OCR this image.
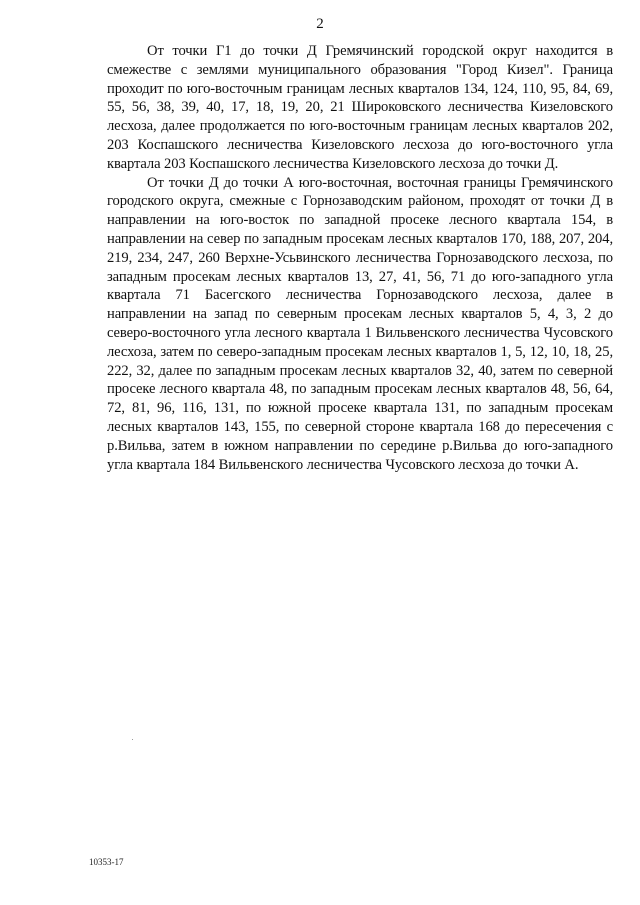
2

От точки Г1 до точки Д Гремячинский городской округ находится в смежестве с землями муниципального образования "Город Кизел". Граница проходит по юго-восточным границам лесных кварталов 134, 124, 110, 95, 84, 69, 55, 56, 38, 39, 40, 17, 18, 19, 20, 21 Широковского лесничества Кизеловского лесхоза, далее продолжается по юго-восточным границам лесных кварталов 202, 203 Коспашского лесничества Кизеловского лесхоза до юго-восточного угла квартала 203 Коспашского лесничества Кизеловского лесхоза до точки Д.

От точки Д до точки А юго-восточная, восточная границы Гремячинского городского округа, смежные с Горнозаводским районом, проходят от точки Д в направлении на юго-восток по западной просеке лесного квартала 154, в направлении на север по западным просекам лесных кварталов 170, 188, 207, 204, 219, 234, 247, 260 Верхне-Усьвинского лесничества Горнозаводского лесхоза, по западным просекам лесных кварталов 13, 27, 41, 56, 71 до юго-западного угла квартала 71 Басегского лесничества Горнозаводского лесхоза, далее в направлении на запад по северным просекам лесных кварталов 5, 4, 3, 2 до северо-восточного угла лесного квартала 1 Вильвенского лесничества Чусовского лесхоза, затем по северо-западным просекам лесных кварталов 1, 5, 12, 10, 18, 25, 222, 32, далее по западным просекам лесных кварталов 32, 40, затем по северной просеке лесного квартала 48, по западным просекам лесных кварталов 48, 56, 64, 72, 81, 96, 116, 131, по южной просеке квартала 131, по западным просекам лесных кварталов 143, 155, по северной стороне квартала 168 до пересечения с р.Вильва, затем в южном направлении по середине р.Вильва до юго-западного угла квартала 184 Вильвенского лесничества Чусовского лесхоза до точки А.

10353-17
